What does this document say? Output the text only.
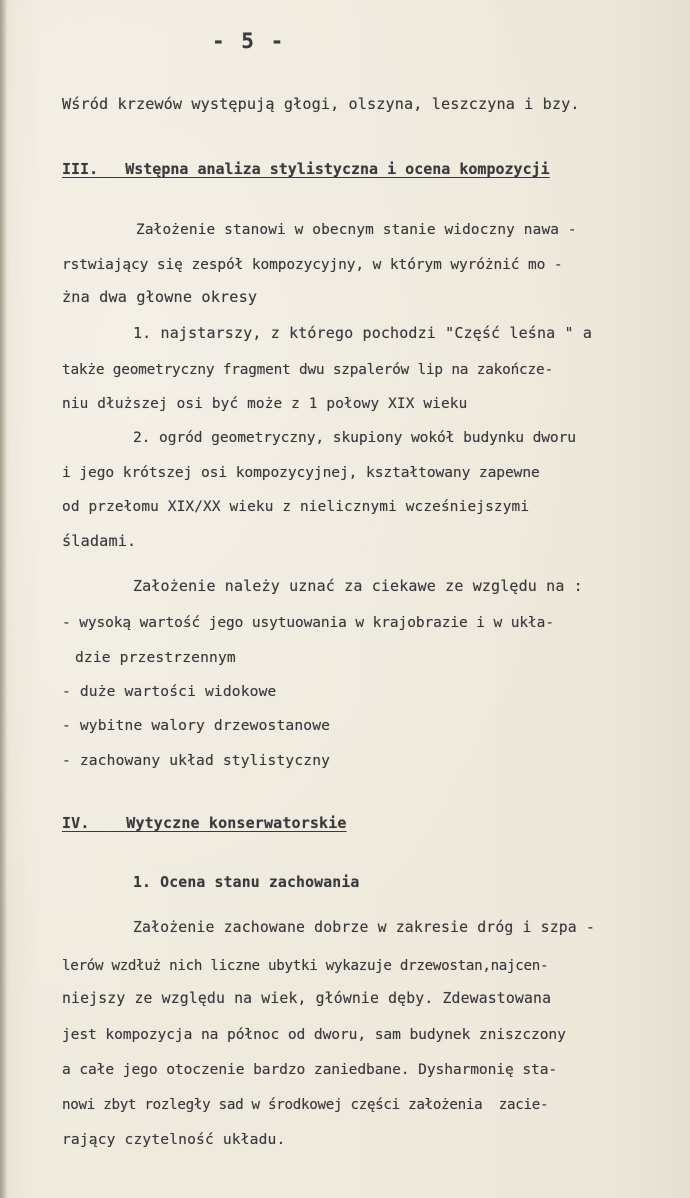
- 5 -
Wśród krzewów występują głogi, olszyna, leszczyna i bzy.
III.   Wstępna analiza stylistyczna i ocena kompozycji
Założenie stanowi w obecnym stanie widoczny nawa -
rstwiający się zespół kompozycyjny, w którym wyróżnić mo -
żna dwa głowne okresy
1. najstarszy, z którego pochodzi "Część leśna " a
także geometryczny fragment dwu szpalerów lip na zakończe-
niu dłuższej osi być może z 1 połowy XIX wieku
2. ogród geometryczny, skupiony wokół budynku dworu
i jego krótszej osi kompozycyjnej, kształtowany zapewne
od przełomu XIX/XX wieku z nielicznymi wcześniejszymi
śladami.
Założenie należy uznać za ciekawe ze względu na :
- wysoką wartość jego usytuowania w krajobrazie i w ukła-
dzie przestrzennym
- duże wartości widokowe
- wybitne walory drzewostanowe
- zachowany układ stylistyczny
IV.    Wytyczne konserwatorskie
1. Ocena stanu zachowania
Założenie zachowane dobrze w zakresie dróg i szpa -
lerów wzdłuż nich liczne ubytki wykazuje drzewostan,najcen-
niejszy ze względu na wiek, głównie dęby. Zdewastowana
jest kompozycja na północ od dworu, sam budynek zniszczony
a całe jego otoczenie bardzo zaniedbane. Dysharmonię sta-
nowi zbyt rozległy sad w środkowej części założenia  zacie-
rający czytelność układu.
